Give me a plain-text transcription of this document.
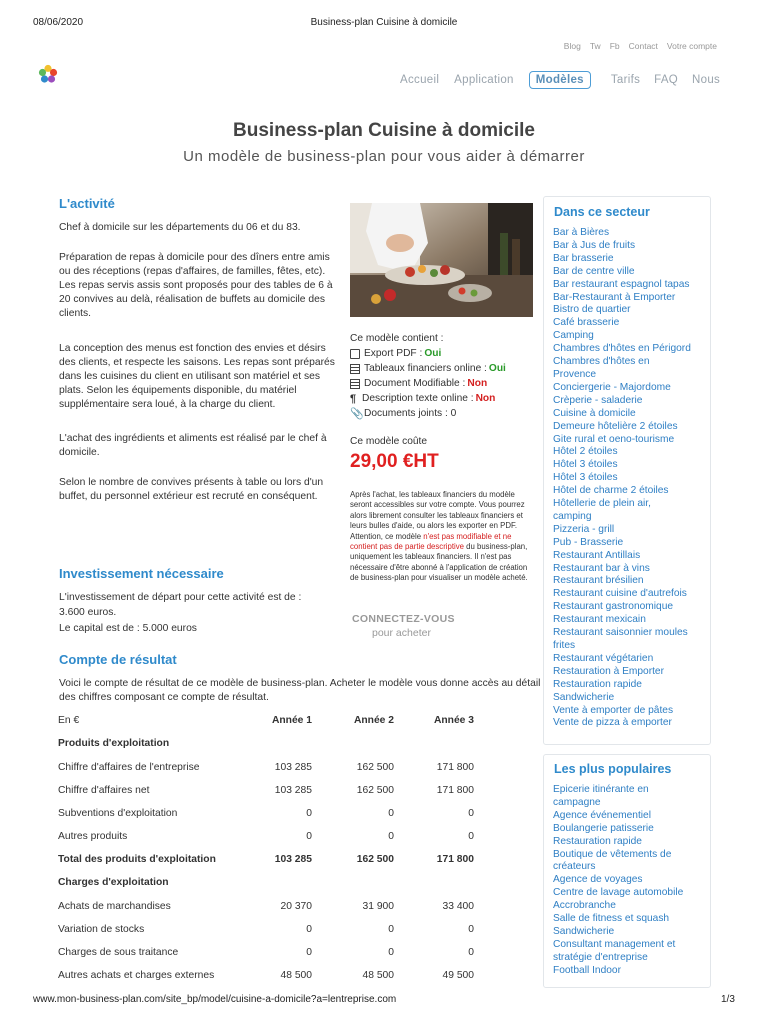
08/06/2020	Business-plan Cuisine à domicile
www.mon-business-plan.com/site_bp/model/cuisine-a-domicile?a=lentreprise.com	1/3
Blog Tw Fb Contact Votre compte
Accueil Application	Modèles	Tarifs FAQ Nous
Business-plan Cuisine à domicile
Un modèle de business-plan pour vous aider à démarrer
L'activité
Chef à domicile sur les départements du 06 et du 83.
Préparation de repas à domicile pour des dîners entre amis ou des réceptions (repas d'affaires, de familles, fêtes, etc). Les repas servis assis sont proposés pour des tables de 6 à 20 convives au delà, réalisation de buffets au domicile des clients.
La conception des menus est fonction des envies et désirs des clients, et respecte les saisons. Les repas sont préparés dans les cuisines du client en utilisant son matériel et ses plats. Selon les équipements disponible, du matériel supplémentaire sera loué, à la charge du client.
L'achat des ingrédients et aliments est réalisé par le chef à domicile.
Selon le nombre de convives présents à table ou lors d'un buffet, du personnel extérieur est recruté en conséquent.
Ce modèle contient :
Export PDF : Oui
Tableaux financiers online : Oui
Document Modifiable : Non
¶ Description texte online : Non
📎 Documents joints : 0
Ce modèle coûte
29,00 €HT
Après l'achat, les tableaux financiers du modèle seront accessibles sur votre compte. Vous pourrez alors librement consulter les tableaux financiers et leurs bulles d'aide, ou alors les exporter en PDF. Attention, ce modèle n'est pas modifiable et ne contient pas de partie descriptive du business-plan, uniquement les tableaux financiers. Il n'est pas nécessaire d'être abonné à l'application de création de business-plan pour visualiser un modèle acheté.
CONNECTEZ-VOUS
pour acheter
Investissement nécessaire
L'investissement de départ pour cette activité est de :
3.600 euros.
Le capital est de : 5.000 euros
Compte de résultat
Voici le compte de résultat de ce modèle de business-plan. Acheter le modèle vous donne accès au détail des chiffres composant ce compte de résultat.
En €	Année 1	Année 2	Année 3
Produits d'exploitation
Chiffre d'affaires de l'entreprise	103 285	162 500	171 800
Chiffre d'affaires net	103 285	162 500	171 800
Subventions d'exploitation	0	0	0
Autres produits	0	0	0
Total des produits d'exploitation	103 285	162 500	171 800
Charges d'exploitation
Achats de marchandises	20 370	31 900	33 400
Variation de stocks	0	0	0
Charges de sous traitance	0	0	0
Autres achats et charges externes	48 500	48 500	49 500
Dans ce secteur
Bar à Bières
Bar à Jus de fruits
Bar brasserie
Bar de centre ville
Bar restaurant espagnol tapas
Bar-Restaurant à Emporter
Bistro de quartier
Café brasserie
Camping
Chambres d'hôtes en Périgord
Chambres d'hôtes en
Provence
Conciergerie - Majordome
Crèperie - saladerie
Cuisine à domicile
Demeure hôtelière 2 étoiles
Gite rural et oeno-tourisme
Hôtel 2 étoiles
Hôtel 3 étoiles
Hôtel 3 étoiles
Hôtel de charme 2 étoiles
Hôtellerie de plein air,
camping
Pizzeria - grill
Pub - Brasserie
Restaurant Antillais
Restaurant bar à vins
Restaurant brésilien
Restaurant cuisine d'autrefois
Restaurant gastronomique
Restaurant mexicain
Restaurant saisonnier moules
frites
Restaurant végétarien
Restauration à Emporter
Restauration rapide
Sandwicherie
Vente à emporter de pâtes
Vente de pizza à emporter
Les plus populaires
Epicerie itinérante en
campagne
Agence événementiel
Boulangerie patisserie
Restauration rapide
Boutique de vêtements de
créateurs
Agence de voyages
Centre de lavage automobile
Accrobranche
Salle de fitness et squash
Sandwicherie
Consultant management et
stratégie d'entreprise
Football Indoor
